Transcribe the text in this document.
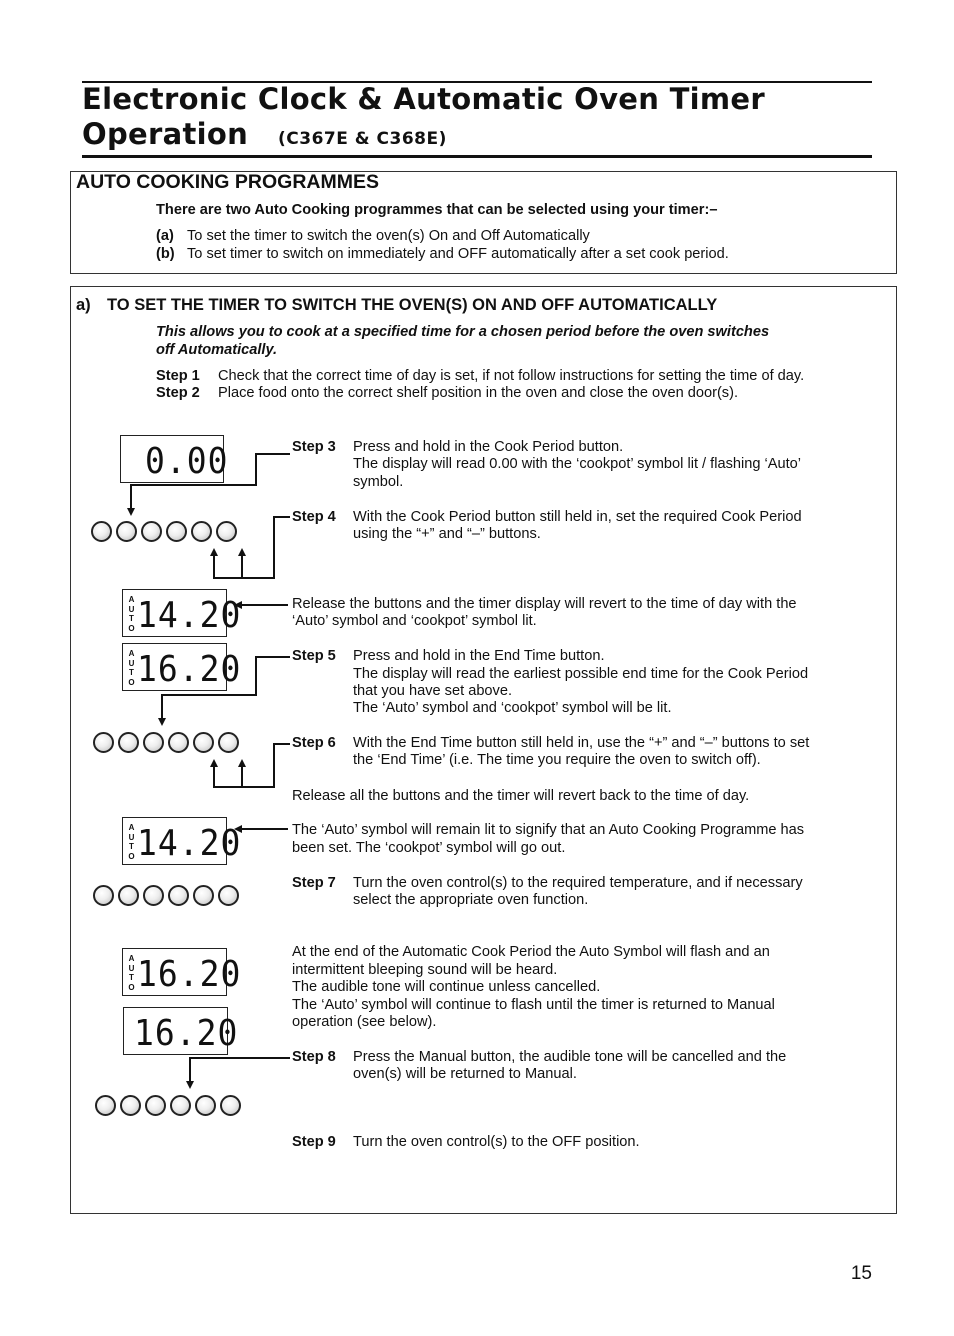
Electronic Clock & Automatic Oven Timer
Operation (C367E & C368E)
AUTO COOKING PROGRAMMES
There are two Auto Cooking programmes that can be selected using your timer:–
(a) To set the timer to switch the oven(s) On and Off Automatically
(b) To set timer to switch on immediately and OFF automatically after a set cook period.
a) TO SET THE TIMER TO SWITCH THE OVEN(S) ON AND OFF AUTOMATICALLY
This allows you to cook at a specified time for a chosen period before the oven switches
off Automatically.
Step 1 Check that the correct time of day is set, if not follow instructions for setting the time of day.
Step 2 Place food onto the correct shelf position in the oven and close the oven door(s).
Step 3 Press and hold in the Cook Period button.
The display will read 0.00 with the ‘cookpot’ symbol lit / flashing ‘Auto’
symbol.
Step 4 With the Cook Period button still held in, set the required Cook Period
using the “+” and “–” buttons.
Release the buttons and the timer display will revert to the time of day with the
‘Auto’ symbol and ‘cookpot’ symbol lit.
Step 5 Press and hold in the End Time button.
The display will read the earliest possible end time for the Cook Period
that you have set above.
The ‘Auto’ symbol and ‘cookpot’ symbol will be lit.
Step 6 With the End Time button still held in, use the “+” and “–” buttons to set
the ‘End Time’ (i.e. The time you require the oven to switch off).
Release all the buttons and the timer will revert back to the time of day.
The ‘Auto’ symbol will remain lit to signify that an Auto Cooking Programme has
been set. The ‘cookpot’ symbol will go out.
Step 7 Turn the oven control(s) to the required temperature, and if necessary
select the appropriate oven function.
At the end of the Automatic Cook Period the Auto Symbol will flash and an
intermittent bleeping sound will be heard.
The audible tone will continue unless cancelled.
The ‘Auto’ symbol will continue to flash until the timer is returned to Manual
operation (see below).
Step 8 Press the Manual button, the audible tone will be cancelled and the
oven(s) will be returned to Manual.
Step 9 Turn the oven control(s) to the OFF position.
0.00
A
U
T
O 14.20
A
U
T
O 16.20
A
U
T
O 14.20
A
U
T
O 16.20
16.20
15
